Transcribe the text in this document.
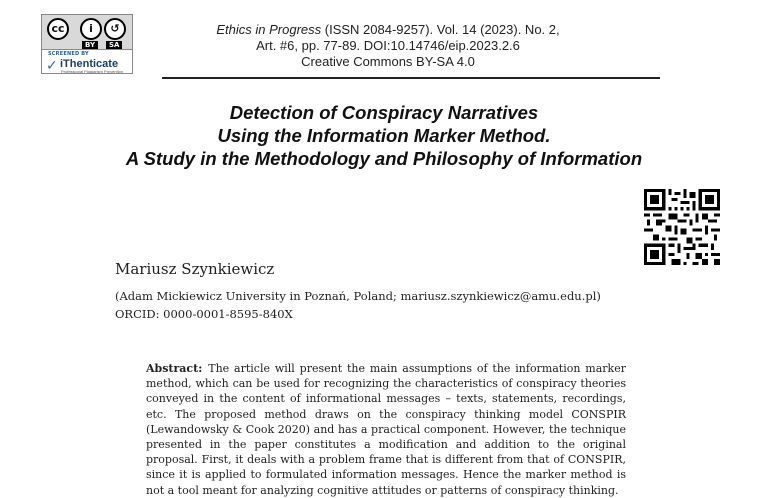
cc	i	↺
BY	SA
SCREENED BY
✓ iThenticate
Professional Plagiarism Prevention
Ethics in Progress (ISSN 2084-9257). Vol. 14 (2023). No. 2,
Art. #6, pp. 77-89. DOI:10.14746/eip.2023.2.6
Creative Commons BY-SA 4.0
Detection of Conspiracy Narratives
Using the Information Marker Method.
A Study in the Methodology and Philosophy of Information
Mariusz Szynkiewicz
(Adam Mickiewicz University in Poznań, Poland; mariusz.szynkiewicz@amu.edu.pl)
ORCID: 0000-0001-8595-840X
Abstract: The article will present the main assumptions of the information marker method, which can be used for recognizing the characteristics of conspiracy theories conveyed in the content of informational messages – texts, statements, recordings, etc. The proposed method draws on the conspiracy thinking model CONSPIR (Lewandowsky & Cook 2020) and has a practical component. However, the technique presented in the paper constitutes a modification and addition to the original proposal. First, it deals with a problem frame that is different from that of CONSPIR, since it is applied to formulated information messages. Hence the marker method is not a tool meant for analyzing cognitive attitudes or patterns of conspiracy thinking.
